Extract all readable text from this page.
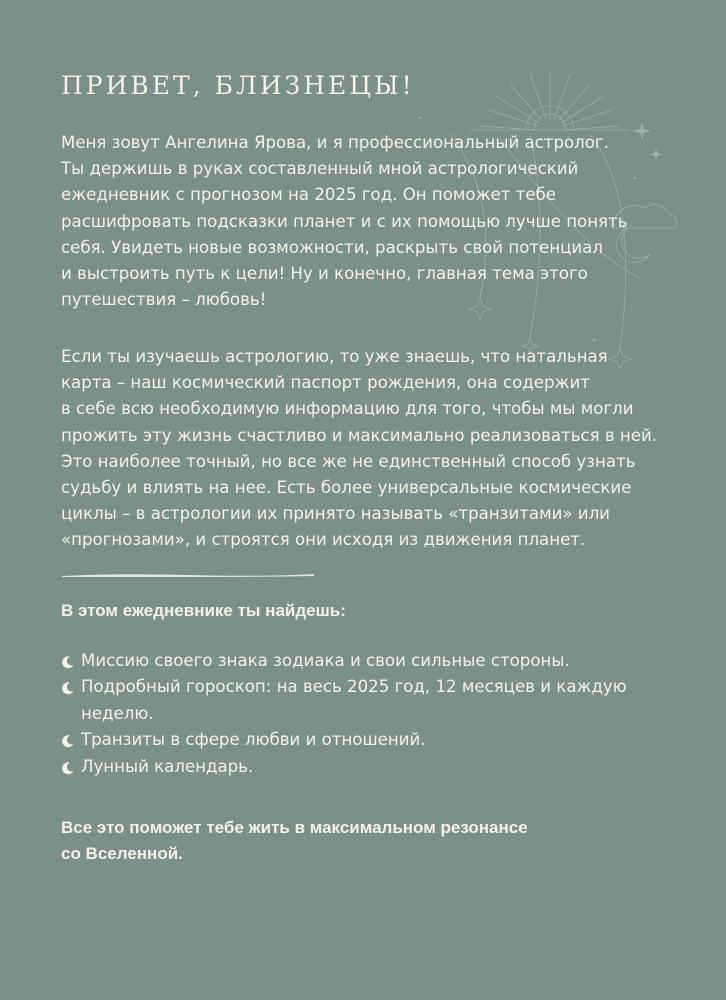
ПРИВЕТ, БЛИЗНЕЦЫ!

Меня зовут Ангелина Ярова, и я профессиональный астролог.
Ты держишь в руках составленный мной астрологический
ежедневник с прогнозом на 2025 год. Он поможет тебе
расшифровать подсказки планет и с их помощью лучше понять
себя. Увидеть новые возможности, раскрыть свой потенциал
и выстроить путь к цели! Ну и конечно, главная тема этого
путешествия – любовь!

Если ты изучаешь астрологию, то уже знаешь, что натальная
карта – наш космический паспорт рождения, она содержит
в себе всю необходимую информацию для того, чтобы мы могли
прожить эту жизнь счастливо и максимально реализоваться в ней.
Это наиболее точный, но все же не единственный способ узнать
судьбу и влиять на нее. Есть более универсальные космические
циклы – в астрологии их принято называть «транзитами» или
«прогнозами», и строятся они исходя из движения планет.

В этом ежедневнике ты найдешь:
Миссию своего знака зодиака и свои сильные стороны.
Подробный гороскоп: на весь 2025 год, 12 месяцев и каждую
неделю.
Транзиты в сфере любви и отношений.
Лунный календарь.

Все это поможет тебе жить в максимальном резонансе
со Вселенной.
